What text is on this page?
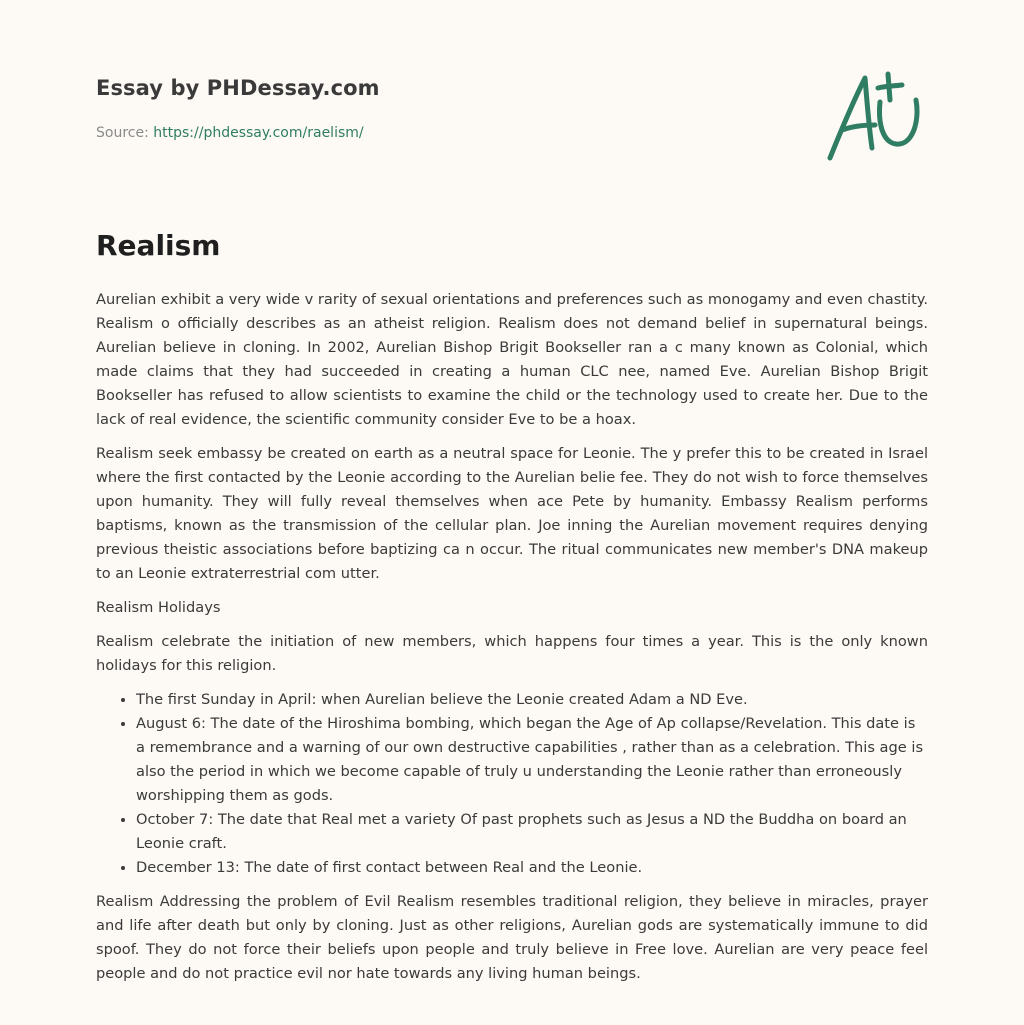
Essay by PHDessay.com
Source: https://phdessay.com/raelism/
Realism

Aurelian exhibit a very wide v rarity of sexual orientations and preferences such as monogamy and even chastity. Realism o officially describes as an atheist religion. Realism does not demand belief in supernatural beings. Aurelian believe in cloning. In 2002, Aurelian Bishop Brigit Bookseller ran a c many known as Colonial, which made claims that they had succeeded in creating a human CLC nee, named Eve. Aurelian Bishop Brigit Bookseller has refused to allow scientists to examine the child or the technology used to create her. Due to the lack of real evidence, the scientific community consider Eve to be a hoax.

Realism seek embassy be created on earth as a neutral space for Leonie. The y prefer this to be created in Israel where the first contacted by the Leonie according to the Aurelian belie fee. They do not wish to force themselves upon humanity. They will fully reveal themselves when ace Pete by humanity. Embassy Realism performs baptisms, known as the transmission of the cellular plan. Joe inning the Aurelian movement requires denying previous theistic associations before baptizing ca n occur. The ritual communicates new member's DNA makeup to an Leonie extraterrestrial com utter.

Realism Holidays

Realism celebrate the initiation of new members, which happens four times a year. This is the only known holidays for this religion.

• The first Sunday in April: when Aurelian believe the Leonie created Adam a ND Eve.
• August 6: The date of the Hiroshima bombing, which began the Age of Ap collapse/Revelation. This date is a remembrance and a warning of our own destructive capabilities , rather than as a celebration. This age is also the period in which we become capable of truly u understanding the Leonie rather than erroneously worshipping them as gods.
• October 7: The date that Real met a variety Of past prophets such as Jesus a ND the Buddha on board an Leonie craft.
• December 13: The date of first contact between Real and the Leonie.

Realism Addressing the problem of Evil Realism resembles traditional religion, they believe in miracles, prayer and life after death but only by cloning. Just as other religions, Aurelian gods are systematically immune to did spoof. They do not force their beliefs upon people and truly believe in Free love. Aurelian are very peace feel people and do not practice evil nor hate towards any living human beings.
